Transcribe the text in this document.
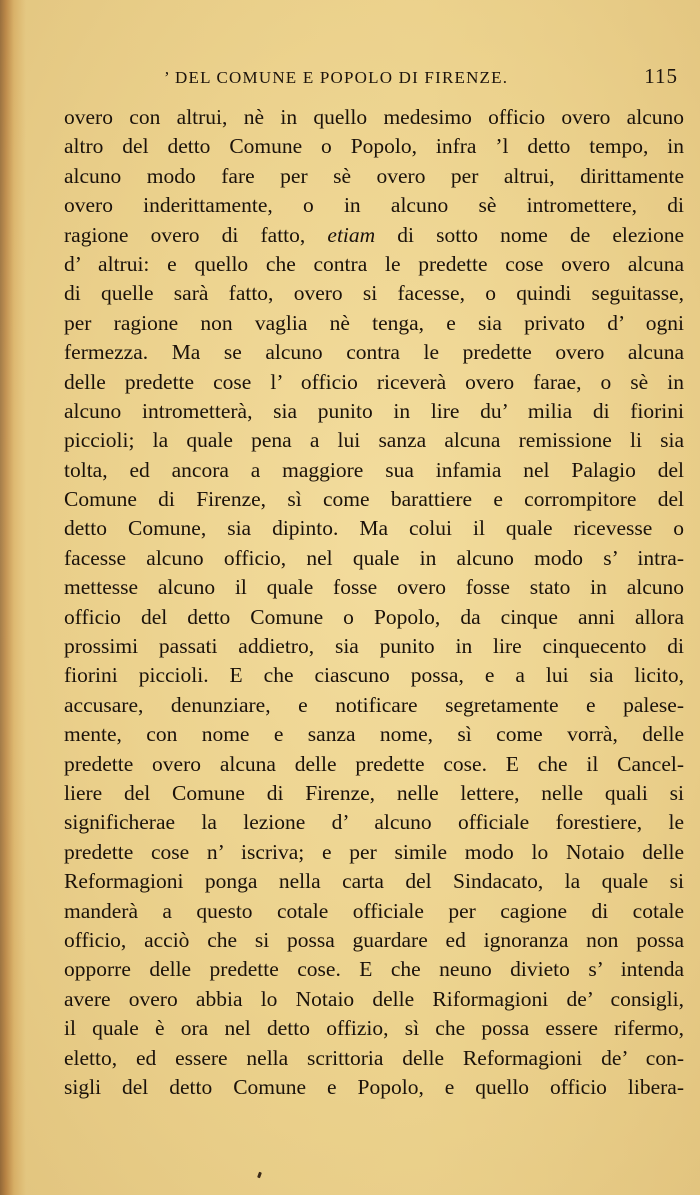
’ DEL COMUNE E POPOLO DI FIRENZE.	115
overo con altrui, nè in quello medesimo officio overo alcuno
altro del detto Comune o Popolo, infra ’l detto tempo, in
alcuno modo fare per sè overo per altrui, dirittamente
overo inderittamente, o in alcuno sè intromettere, di
ragione overo di fatto, etiam di sotto nome de elezione
d’ altrui: e quello che contra le predette cose overo alcuna
di quelle sarà fatto, overo si facesse, o quindi seguitasse,
per ragione non vaglia nè tenga, e sia privato d’ ogni
fermezza. Ma se alcuno contra le predette overo alcuna
delle predette cose l’ officio riceverà overo farae, o sè in
alcuno intrometterà, sia punito in lire du’ milia di fiorini
piccioli; la quale pena a lui sanza alcuna remissione li sia
tolta, ed ancora a maggiore sua infamia nel Palagio del
Comune di Firenze, sì come barattiere e corrompitore del
detto Comune, sia dipinto. Ma colui il quale ricevesse o
facesse alcuno officio, nel quale in alcuno modo s’ intra-
mettesse alcuno il quale fosse overo fosse stato in alcuno
officio del detto Comune o Popolo, da cinque anni allora
prossimi passati addietro, sia punito in lire cinquecento di
fiorini piccioli. E che ciascuno possa, e a lui sia licito,
accusare, denunziare, e notificare segretamente e palese-
mente, con nome e sanza nome, sì come vorrà, delle
predette overo alcuna delle predette cose. E che il Cancel-
liere del Comune di Firenze, nelle lettere, nelle quali si
significherae la lezione d’ alcuno officiale forestiere, le
predette cose n’ iscriva; e per simile modo lo Notaio delle
Reformagioni ponga nella carta del Sindacato, la quale si
manderà a questo cotale officiale per cagione di cotale
officio, acciò che si possa guardare ed ignoranza non possa
opporre delle predette cose. E che neuno divieto s’ intenda
avere overo abbia lo Notaio delle Riformagioni de’ consigli,
il quale è ora nel detto offizio, sì che possa essere rifermo,
eletto, ed essere nella scrittoria delle Reformagioni de’ con-
sigli del detto Comune e Popolo, e quello officio libera-
